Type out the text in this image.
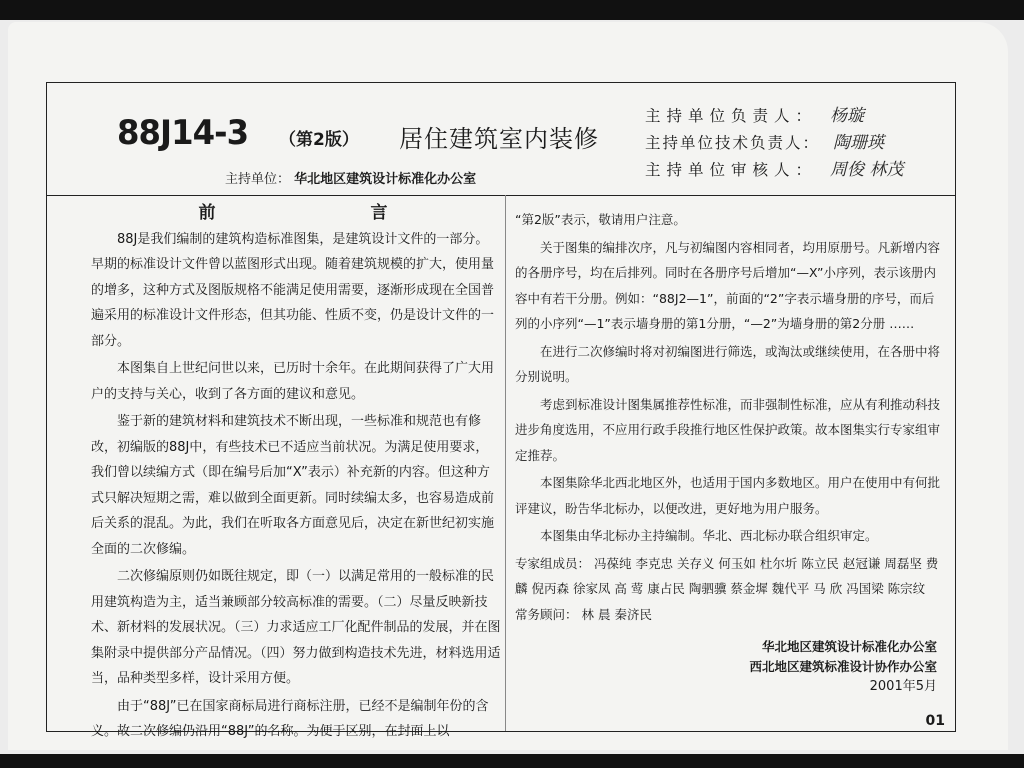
88J14-3 （第2版） 居住建筑室内装修
主持单位： 华北地区建筑设计标准化办公室
主持单位负责人： 杨璇
主持单位技术负责人： 陶珊瑛
主持单位审核人： 周俊 林茂
前	言

88J是我们编制的建筑构造标准图集，是建筑设计文件的一部分。早期的标准设计文件曾以蓝图形式出现。随着建筑规模的扩大，使用量的增多，这种方式及图版规格不能满足使用需要，逐渐形成现在全国普遍采用的标准设计文件形态，但其功能、性质不变，仍是设计文件的一部分。

本图集自上世纪问世以来，已历时十余年。在此期间获得了广大用户的支持与关心，收到了各方面的建议和意见。

鉴于新的建筑材料和建筑技术不断出现，一些标准和规范也有修改，初编版的88J中，有些技术已不适应当前状况。为满足使用要求，我们曾以续编方式（即在编号后加“X”表示）补充新的内容。但这种方式只解决短期之需，难以做到全面更新。同时续编太多，也容易造成前后关系的混乱。为此，我们在听取各方面意见后，决定在新世纪初实施全面的二次修编。

二次修编原则仍如既往规定，即（一）以满足常用的一般标准的民用建筑构造为主，适当兼顾部分较高标准的需要。（二）尽量反映新技术、新材料的发展状况。（三）力求适应工厂化配件制品的发展，并在图集附录中提供部分产品情况。（四）努力做到构造技术先进，材料选用适当，品种类型多样，设计采用方便。

由于“88J”已在国家商标局进行商标注册，已经不是编制年份的含义。故二次修编仍沿用“88J”的名称。为便于区别，在封面上以

“第2版”表示，敬请用户注意。

关于图集的编排次序，凡与初编图内容相同者，均用原册号。凡新增内容的各册序号，均在后排列。同时在各册序号后增加“—X”小序列，表示该册内容中有若干分册。例如：“88J2—1”，前面的“2”字表示墙身册的序号，而后列的小序列“—1”表示墙身册的第1分册，“—2”为墙身册的第2分册 ……

在进行二次修编时将对初编图进行筛选，或淘汰或继续使用，在各册中将分别说明。

考虑到标准设计图集属推荐性标准，而非强制性标准，应从有利推动科技进步角度选用，不应用行政手段推行地区性保护政策。故本图集实行专家组审定推荐。

本图集除华北西北地区外，也适用于国内多数地区。用户在使用中有何批评建议，盼告华北标办，以便改进，更好地为用户服务。

本图集由华北标办主持编制。华北、西北标办联合组织审定。

专家组成员： 冯葆纯 李克忠 关存义 何玉如 杜尔圻 陈立民 赵冠谦 周磊坚 费 麟 倪丙森 徐家凤 高 莺 康占民 陶驷骥 蔡金墀 魏代平 马 欣 冯国梁 陈宗纹

常务顾问： 林 晨 秦济民

华北地区建筑设计标准化办公室
西北地区建筑标准设计协作办公室
2001年5月
01
